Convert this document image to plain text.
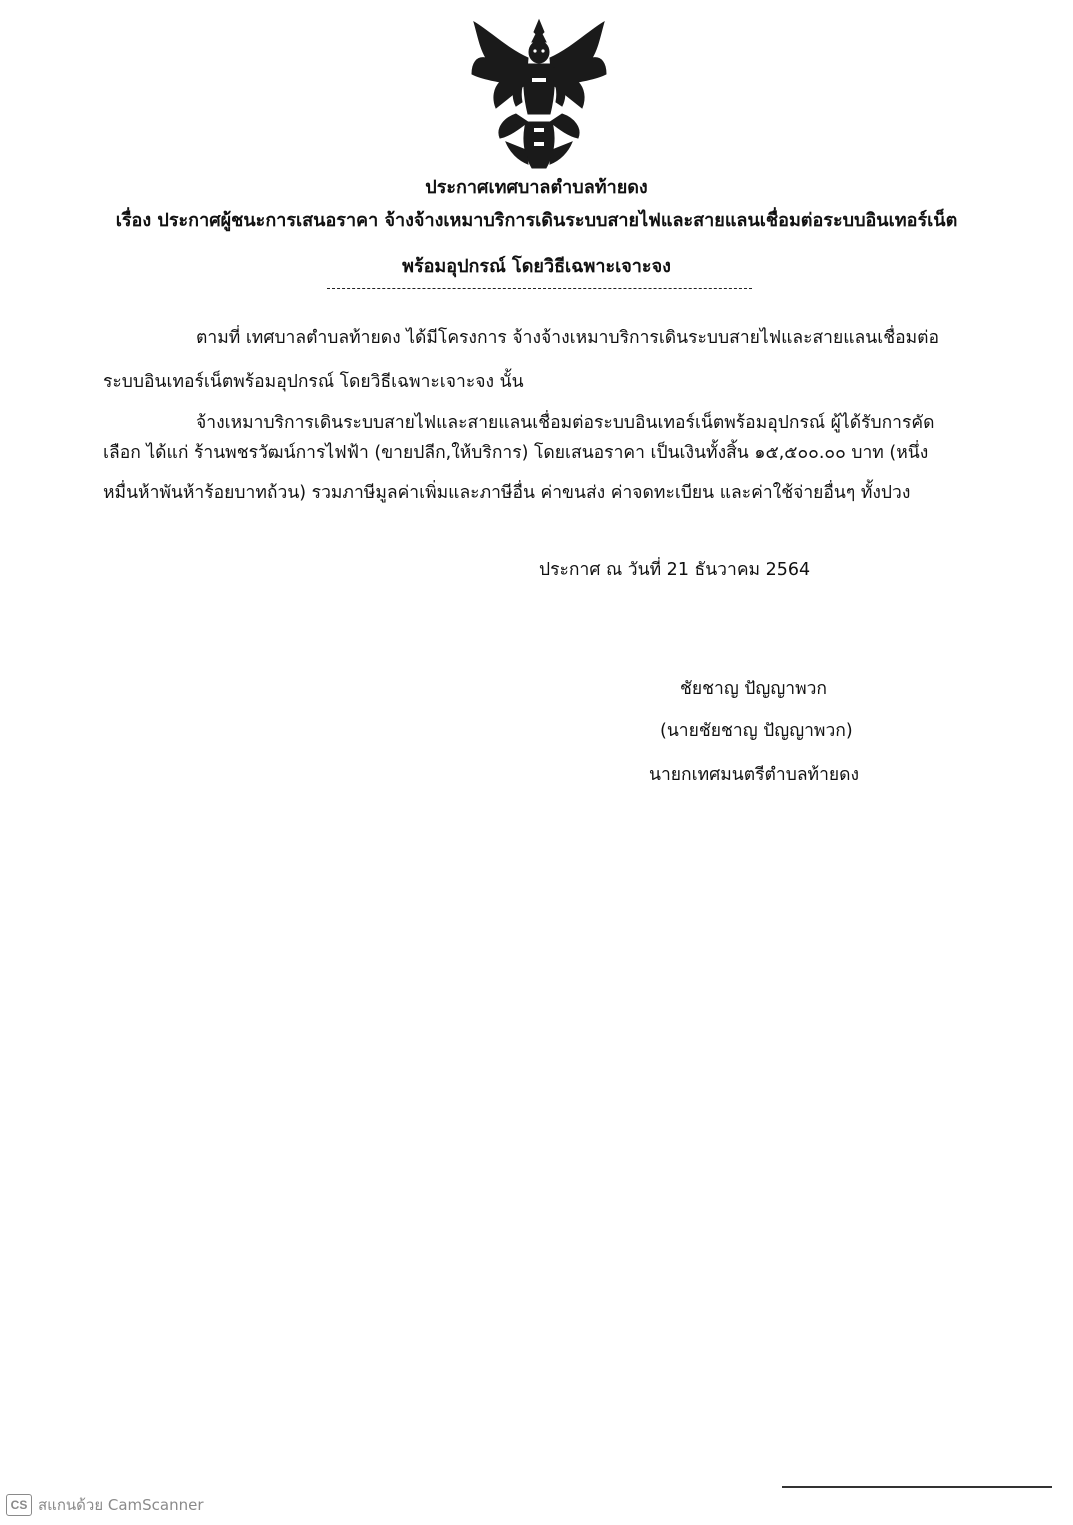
ประกาศเทศบาลตำบลท้ายดง
เรื่อง ประกาศผู้ชนะการเสนอราคา จ้างจ้างเหมาบริการเดินระบบสายไฟและสายแลนเชื่อมต่อระบบอินเทอร์เน็ต
พร้อมอุปกรณ์ โดยวิธีเฉพาะเจาะจง
ตามที่ เทศบาลตำบลท้ายดง ได้มีโครงการ จ้างจ้างเหมาบริการเดินระบบสายไฟและสายแลนเชื่อมต่อ
ระบบอินเทอร์เน็ตพร้อมอุปกรณ์ โดยวิธีเฉพาะเจาะจง นั้น
จ้างเหมาบริการเดินระบบสายไฟและสายแลนเชื่อมต่อระบบอินเทอร์เน็ตพร้อมอุปกรณ์ ผู้ได้รับการคัด
เลือก ได้แก่ ร้านพชรวัฒน์การไฟฟ้า (ขายปลีก,ให้บริการ) โดยเสนอราคา เป็นเงินทั้งสิ้น ๑๕,๕๐๐.๐๐ บาท (หนึ่ง
หมื่นห้าพันห้าร้อยบาทถ้วน) รวมภาษีมูลค่าเพิ่มและภาษีอื่น ค่าขนส่ง ค่าจดทะเบียน และค่าใช้จ่ายอื่นๆ ทั้งปวง
ประกาศ ณ วันที่ 21 ธันวาคม 2564
ชัยชาญ ปัญญาพวก
(นายชัยชาญ ปัญญาพวก)
นายกเทศมนตรีตำบลท้ายดง
CS สแกนด้วย CamScanner
